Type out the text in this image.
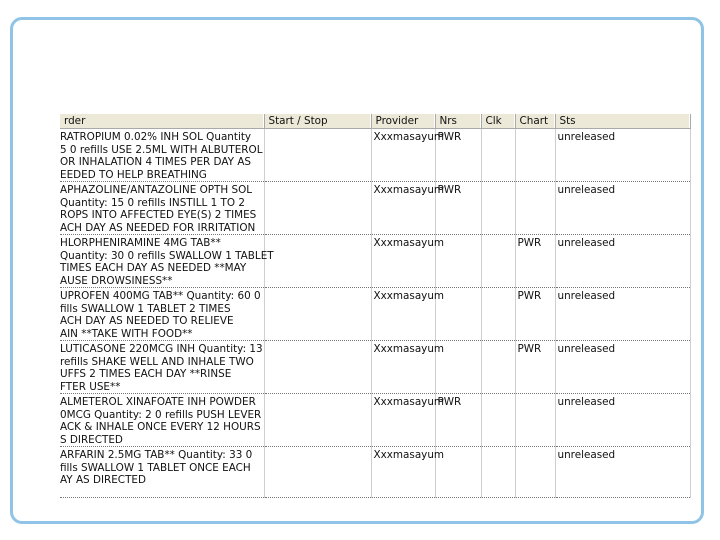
rder	Start / Stop	Provider	Nrs	Clk	Chart	Sts

RATROPIUM 0.02% INH SOL Quantity
5 0 refills USE 2.5ML WITH ALBUTEROL
OR INHALATION 4 TIMES PER DAY AS
EEDED TO HELP BREATHING		Xxxmasayum	PWR			unreleased

APHAZOLINE/ANTAZOLINE OPTH SOL
Quantity: 15 0 refills INSTILL 1 TO 2
ROPS INTO AFFECTED EYE(S) 2 TIMES
ACH DAY AS NEEDED FOR IRRITATION		Xxxmasayum	PWR			unreleased

HLORPHENIRAMINE 4MG TAB**
Quantity: 30 0 refills SWALLOW 1 TABLET
TIMES EACH DAY AS NEEDED **MAY
AUSE DROWSINESS**		Xxxmasayum			PWR	unreleased

UPROFEN 400MG TAB** Quantity: 60 0
fills SWALLOW 1 TABLET 2 TIMES
ACH DAY AS NEEDED TO RELIEVE
AIN **TAKE WITH FOOD**		Xxxmasayum			PWR	unreleased

LUTICASONE 220MCG INH Quantity: 13
refills SHAKE WELL AND INHALE TWO
UFFS 2 TIMES EACH DAY **RINSE
FTER USE**		Xxxmasayum			PWR	unreleased

ALMETEROL XINAFOATE INH POWDER
0MCG Quantity: 2 0 refills PUSH LEVER
ACK & INHALE ONCE EVERY 12 HOURS
S DIRECTED		Xxxmasayum	PWR			unreleased

ARFARIN 2.5MG TAB** Quantity: 33 0
fills SWALLOW 1 TABLET ONCE EACH
AY AS DIRECTED		Xxxmasayum				unreleased
